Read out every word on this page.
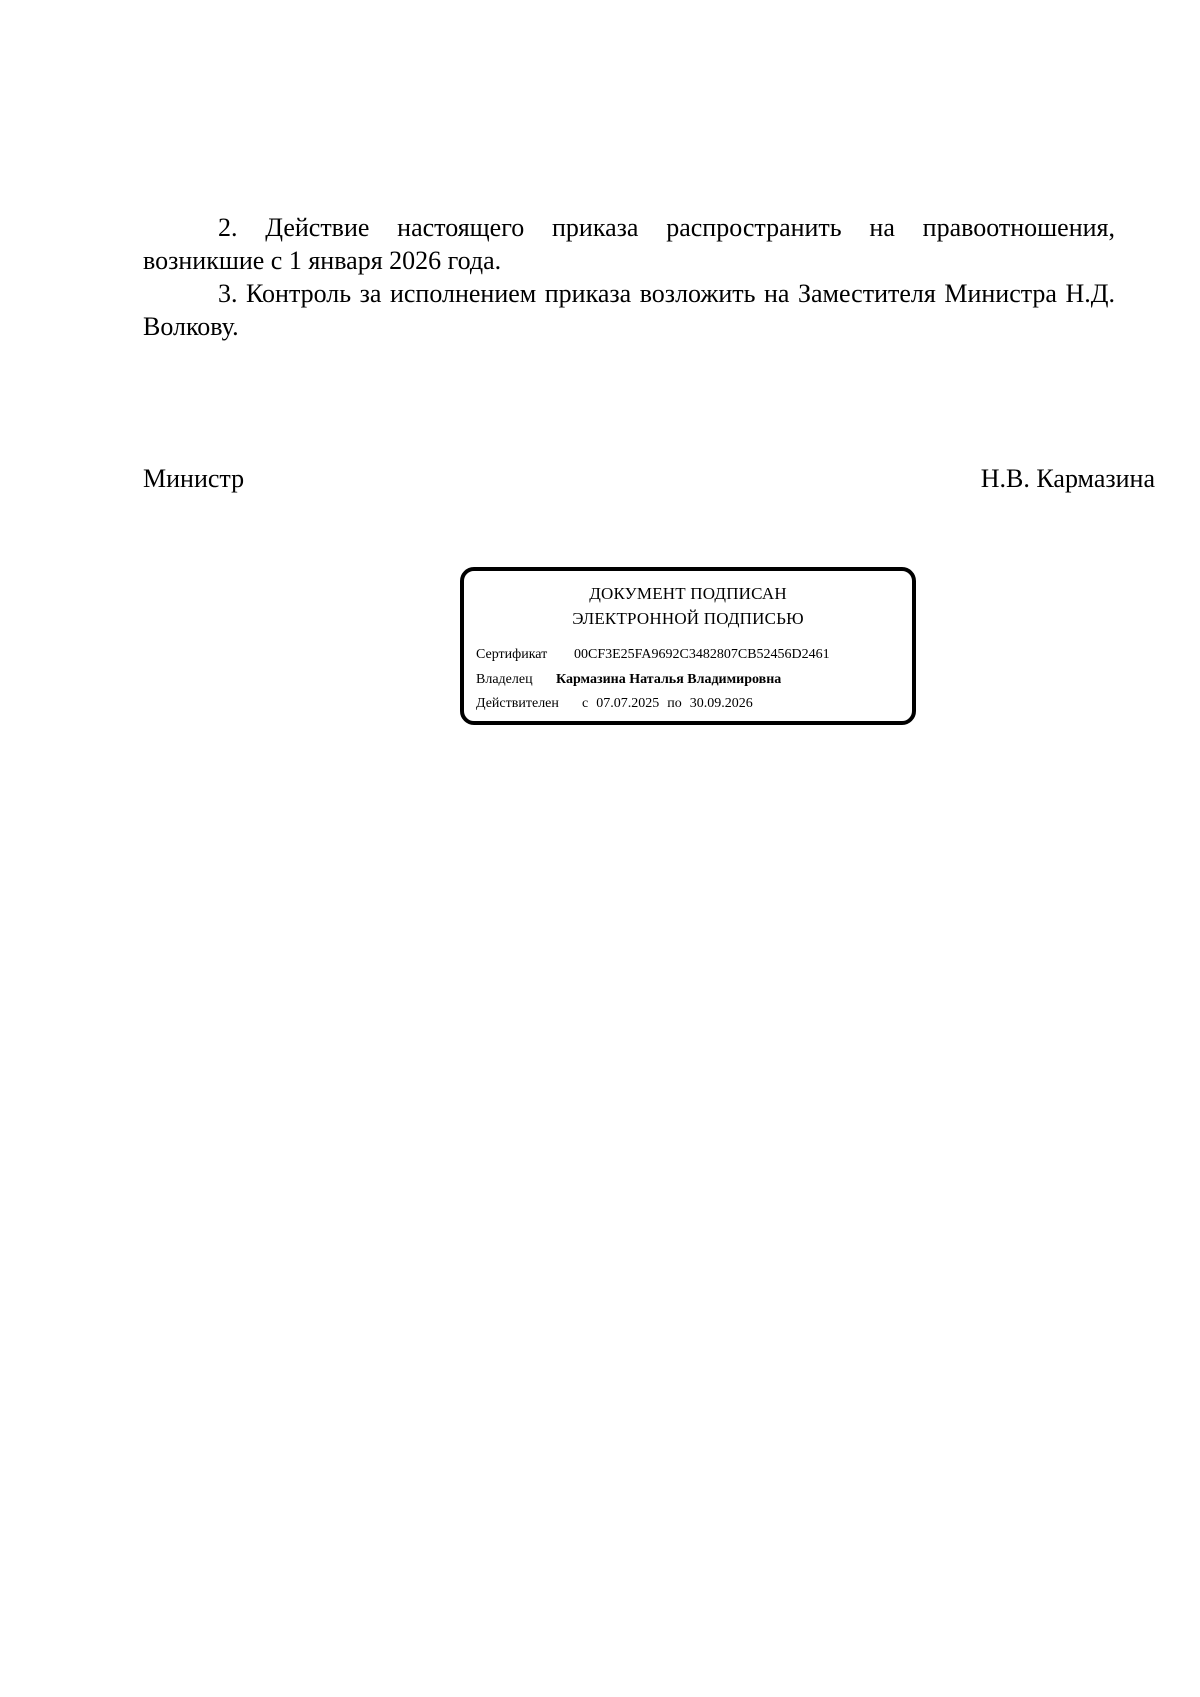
2. Действие настоящего приказа распространить на правоотношения, возникшие с 1 января 2026 года.

3. Контроль за исполнением приказа возложить на Заместителя Министра Н.Д. Волкову.

Министр	Н.В. Кармазина
ДОКУМЕНТ ПОДПИСАН
ЭЛЕКТРОННОЙ ПОДПИСЬЮ
Сертификат 00CF3E25FA9692C3482807CB52456D2461
Владелец Кармазина Наталья Владимировна
Действителен с 07.07.2025 по 30.09.2026
